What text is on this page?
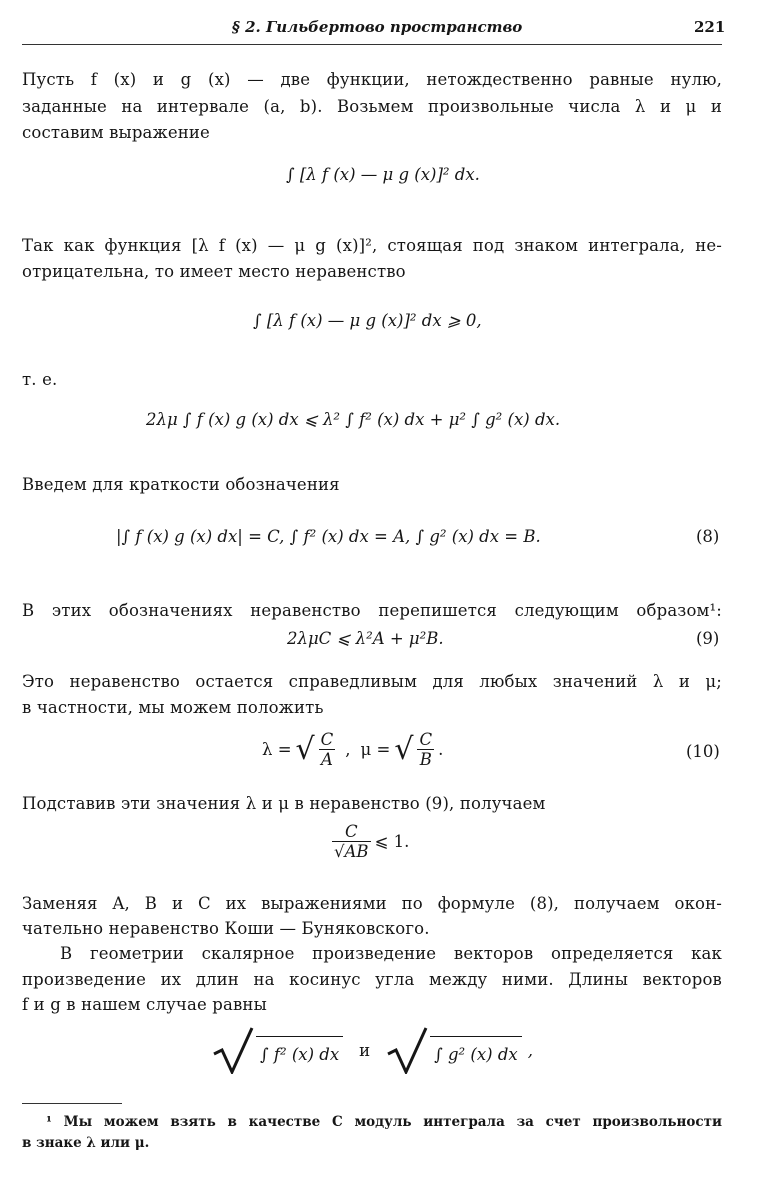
§ 2. Гильбертово пространство	221
Пусть f (x) и g (x) — две функции, нетождественно равные нулю,
заданные на интервале (a, b). Возьмем произвольные числа λ и μ и
составим выражение
∫ [λ f (x) — μ g (x)]² dx.
Так как функция [λ f (x) — μ g (x)]², стоящая под знаком интеграла, не-
отрицательна, то имеет место неравенство
∫ [λ f (x) — μ g (x)]² dx ⩾ 0,
т. е.
2λμ ∫ f (x) g (x) dx ⩽ λ² ∫ f² (x) dx + μ² ∫ g² (x) dx.
Введем для краткости обозначения
|∫ f (x) g (x) dx| = C, ∫ f² (x) dx = A, ∫ g² (x) dx = B.	(8)
В этих обозначениях неравенство перепишется следующим образом¹:
2λμC ⩽ λ²A + μ²B.	(9)
Это неравенство остается справедливым для любых значений λ и μ;
в частности, мы можем положить
λ = √ $\frac{C}{A}$ , μ = √ $\frac{C}{B}$ .	(10)
Подставив эти значения λ и μ в неравенство (9), получаем
$\frac{C}{√AB}$ ⩽ 1.
Заменяя A, B и C их выражениями по формуле (8), получаем окон-
чательно неравенство Коши — Буняковского.
В геометрии скалярное произведение векторов определяется как
произведение их длин на косинус угла между ними. Длины векторов
f и g в нашем случае равны
∫ f² (x) dx и	∫ g² (x) dx ,
¹ Мы можем взять в качестве C модуль интеграла за счет произвольности
в знаке λ или μ.
